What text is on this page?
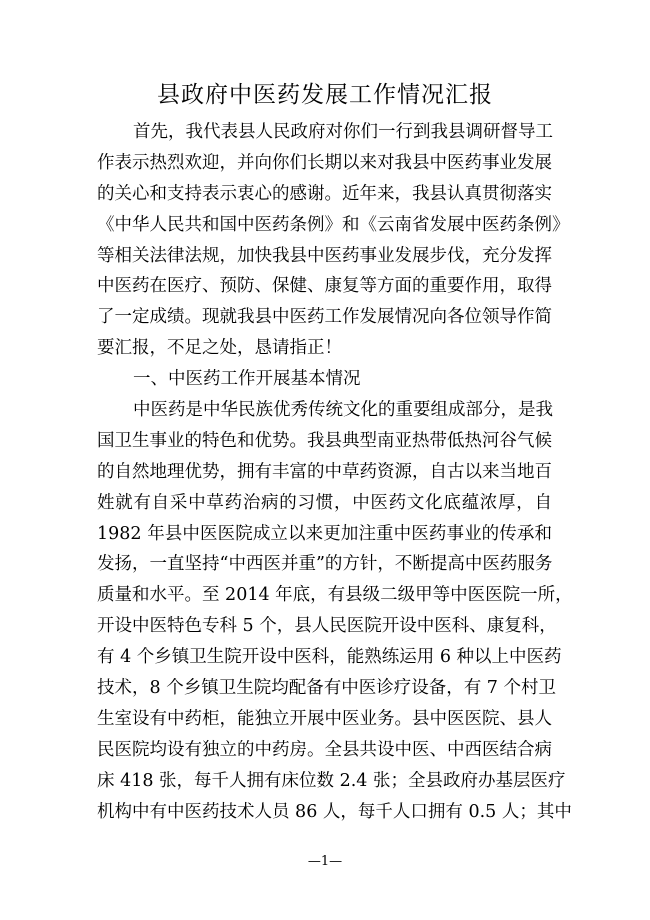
县政府中医药发展工作情况汇报
首先，我代表县人民政府对你们一行到我县调研督导工
作表示热烈欢迎，并向你们长期以来对我县中医药事业发展
的关心和支持表示衷心的感谢。近年来，我县认真贯彻落实
《中华人民共和国中医药条例》和《云南省发展中医药条例》
等相关法律法规，加快我县中医药事业发展步伐，充分发挥
中医药在医疗、预防、保健、康复等方面的重要作用，取得
了一定成绩。现就我县中医药工作发展情况向各位领导作简
要汇报，不足之处，恳请指正！
一、中医药工作开展基本情况
中医药是中华民族优秀传统文化的重要组成部分，是我
国卫生事业的特色和优势。我县典型南亚热带低热河谷气候
的自然地理优势，拥有丰富的中草药资源，自古以来当地百
姓就有自采中草药治病的习惯，中医药文化底蕴浓厚，自
1982 年县中医医院成立以来更加注重中医药事业的传承和
发扬，一直坚持“中西医并重”的方针，不断提高中医药服务
质量和水平。至 2014 年底，有县级二级甲等中医医院一所，
开设中医特色专科 5 个，县人民医院开设中医科、康复科，
有 4 个乡镇卫生院开设中医科，能熟练运用 6 种以上中医药
技术，8 个乡镇卫生院均配备有中医诊疗设备，有 7 个村卫
生室设有中药柜，能独立开展中医业务。县中医医院、县人
民医院均设有独立的中药房。全县共设中医、中西医结合病
床 418 张，每千人拥有床位数 2.4 张；全县政府办基层医疗
机构中有中医药技术人员 86 人，每千人口拥有 0.5 人；其中
—1—
